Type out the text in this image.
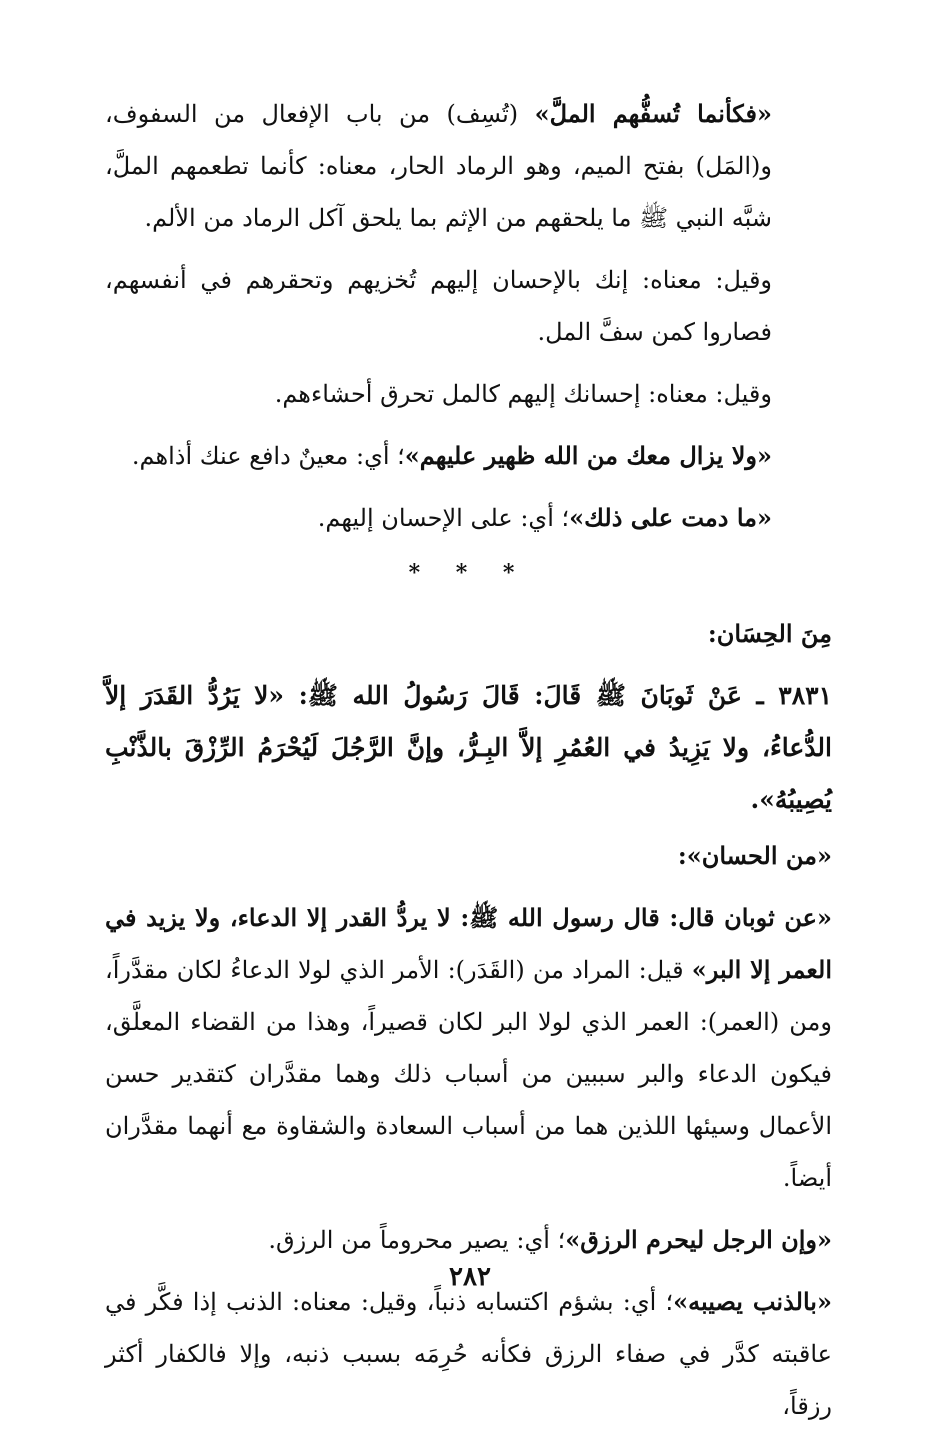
«فكأنما تُسفُّهم الملَّ» (تُسِف) من باب الإفعال من السفوف، و(المَل) بفتح الميم، وهو الرماد الحار، معناه: كأنما تطعمهم الملَّ، شبَّه النبي ﷺ ما يلحقهم من الإثم بما يلحق آكل الرماد من الألم.

وقيل: معناه: إنك بالإحسان إليهم تُخزيهم وتحقرهم في أنفسهم، فصاروا كمن سفَّ المل.

وقيل: معناه: إحسانك إليهم كالمل تحرق أحشاءهم.

«ولا يزال معك من الله ظهير عليهم»؛ أي: معينٌ دافع عنك أذاهم.

«ما دمت على ذلك»؛ أي: على الإحسان إليهم.

* * *

مِنَ الحِسَان:

٣٨٣١ ـ عَنْ ثَوبَانَ ﷺ قَالَ: قَالَ رَسُولُ الله ﷺ: «لا يَرُدُّ القَدَرَ إلاَّ الدُّعاءُ، ولا يَزِيدُ في العُمُرِ إلاَّ البِـرُّ، وإنَّ الرَّجُلَ لَيُحْرَمُ الرِّزْقَ بالذَّنْبِ يُصِيبُهُ».

«من الحسان»:

«عن ثوبان قال: قال رسول الله ﷺ: لا يردُّ القدر إلا الدعاء، ولا يزيد في العمر إلا البر» قيل: المراد من (القَدَر): الأمر الذي لولا الدعاءُ لكان مقدَّراً، ومن (العمر): العمر الذي لولا البر لكان قصيراً، وهذا من القضاء المعلَّق، فيكون الدعاء والبر سببين من أسباب ذلك وهما مقدَّران كتقدير حسن الأعمال وسيئها اللذين هما من أسباب السعادة والشقاوة مع أنهما مقدَّران أيضاً.

«وإن الرجل ليحرم الرزق»؛ أي: يصير محروماً من الرزق.

«بالذنب يصيبه»؛ أي: بشؤم اكتسابه ذنباً، وقيل: معناه: الذنب إذا فكَّر في عاقبته كدَّر في صفاء الرزق فكأنه حُرِمَه بسبب ذنبه، وإلا فالكفار أكثر رزقاً،

٢٨٢
